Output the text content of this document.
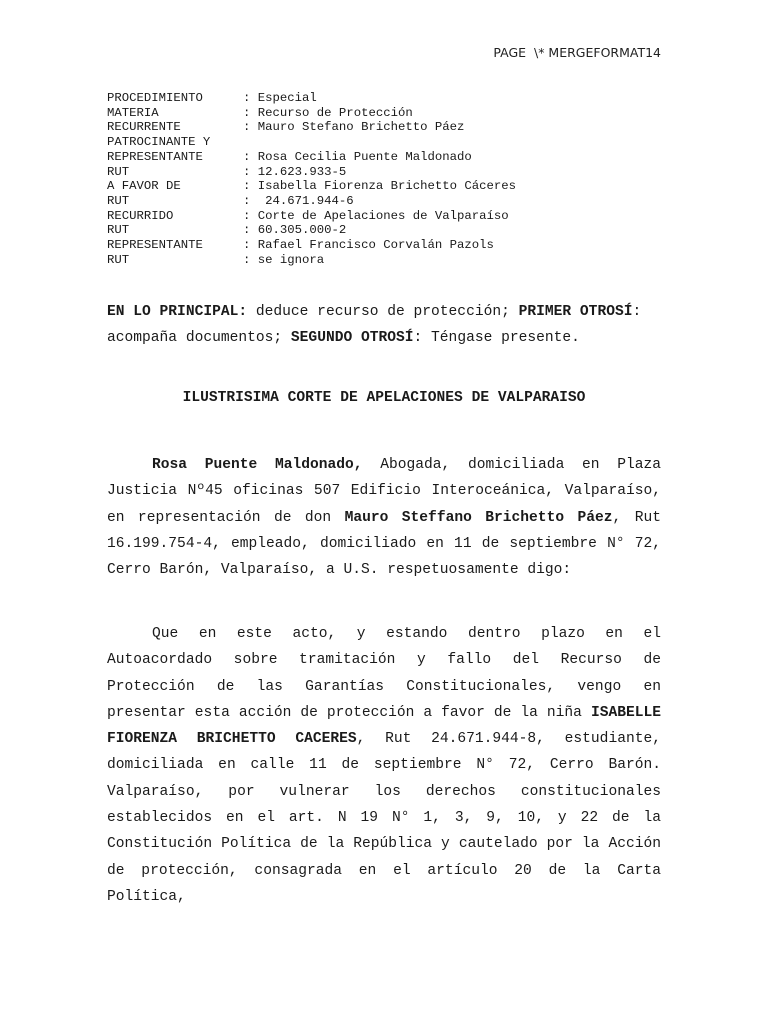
PAGE  \* MERGEFORMAT14
PROCEDIMIENTO	: Especial
MATERIA	: Recurso de Protección
RECURRENTE	: Mauro Stefano Brichetto Páez
PATROCINANTE Y
REPRESENTANTE	: Rosa Cecilia Puente Maldonado
RUT	: 12.623.933-5
A FAVOR DE	: Isabella Fiorenza Brichetto Cáceres
RUT	:  24.671.944-6
RECURRIDO	: Corte de Apelaciones de Valparaíso
RUT	: 60.305.000-2
REPRESENTANTE	: Rafael Francisco Corvalán Pazols
RUT	: se ignora
EN LO PRINCIPAL: deduce recurso de protección; PRIMER OTROSÍ: acompaña documentos; SEGUNDO OTROSÍ: Téngase presente.
ILUSTRISIMA CORTE DE APELACIONES DE VALPARAISO

Rosa Puente Maldonado, Abogada, domiciliada en Plaza Justicia Nº45 oficinas 507 Edificio Interoceánica, Valparaíso, en representación de don Mauro Steffano Brichetto Páez, Rut 16.199.754-4, empleado, domiciliado en 11 de septiembre N° 72, Cerro Barón, Valparaíso, a U.S. respetuosamente digo:

Que en este acto, y estando dentro plazo en el Autoacordado sobre tramitación y fallo del Recurso de Protección de las Garantías Constitucionales, vengo en presentar esta acción de protección a favor de la niña ISABELLE FIORENZA BRICHETTO CACERES, Rut 24.671.944-8, estudiante, domiciliada en calle 11 de septiembre N° 72, Cerro Barón. Valparaíso, por vulnerar los derechos constitucionales establecidos en el art. N 19 N° 1, 3, 9, 10, y 22 de la Constitución Política de la República y cautelado por la Acción de protección, consagrada en el artículo 20 de la Carta Política,
